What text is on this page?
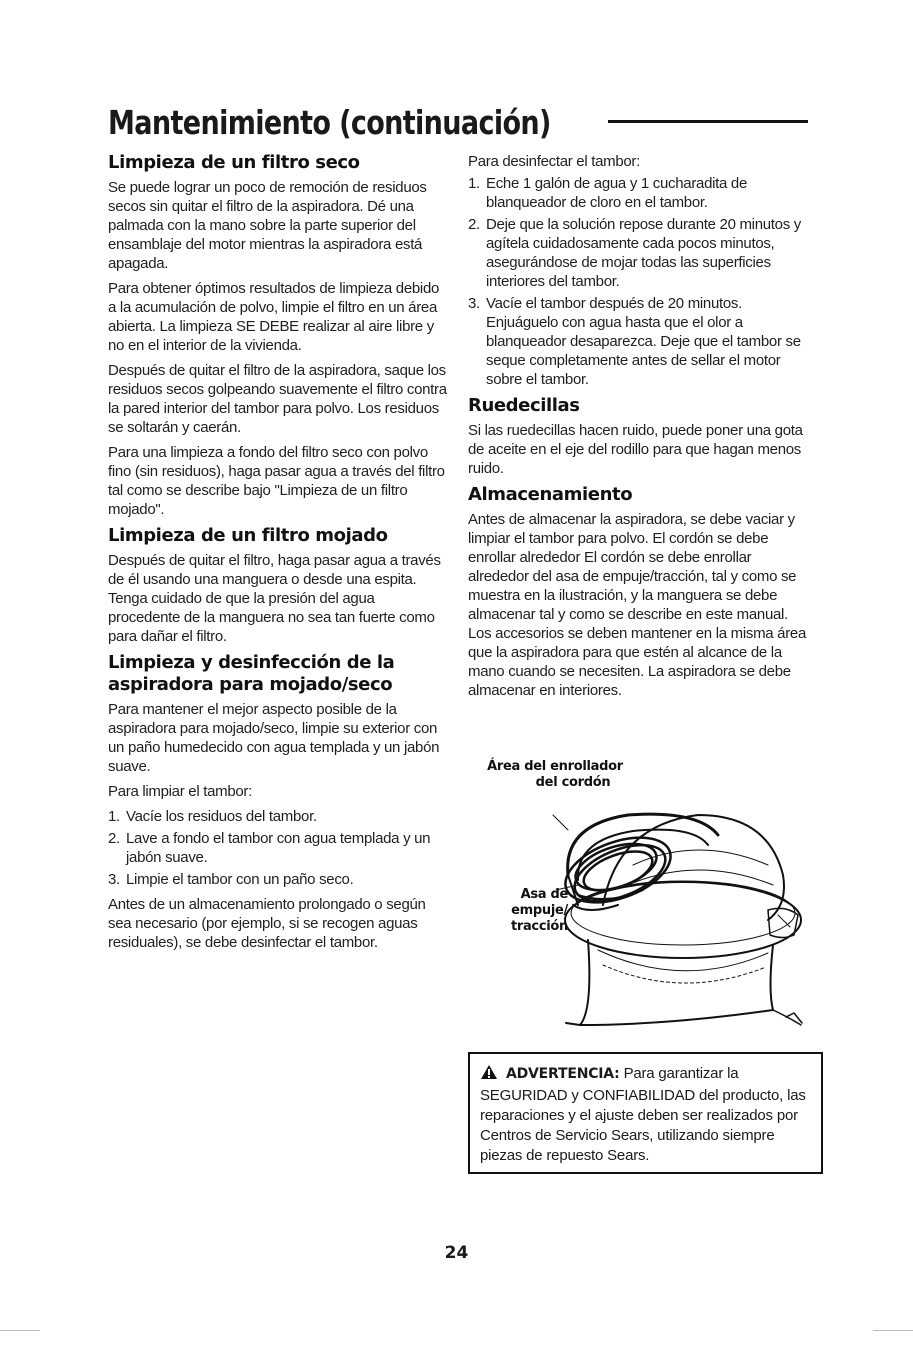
Mantenimiento (continuación)
Limpieza de un filtro seco

Se puede lograr un poco de remoción de residuos secos sin quitar el filtro de la aspiradora. Dé una palmada con la mano sobre la parte superior del ensamblaje del motor mientras la aspiradora está apagada.

Para obtener óptimos resultados de limpieza debido a la acumulación de polvo, limpie el filtro en un área abierta. La limpieza SE DEBE realizar al aire libre y no en el interior de la vivienda.

Después de quitar el filtro de la aspiradora, saque los residuos secos golpeando suavemente el filtro contra la pared interior del tambor para polvo. Los residuos se soltarán y caerán.

Para una limpieza a fondo del filtro seco con polvo fino (sin residuos), haga pasar agua a través del filtro tal como se describe bajo "Limpieza de un filtro mojado".

Limpieza de un filtro mojado

Después de quitar el filtro, haga pasar agua a través de él usando una manguera o desde una espita. Tenga cuidado de que la presión del agua procedente de la manguera no sea tan fuerte como para dañar el filtro.

Limpieza y desinfección de la aspiradora para mojado/seco

Para mantener el mejor aspecto posible de la aspiradora para mojado/seco, limpie su exterior con un paño humedecido con agua templada y un jabón suave.

Para limpiar el tambor:

1. Vacíe los residuos del tambor.
2. Lave a fondo el tambor con agua templada y un jabón suave.
3. Limpie el tambor con un paño seco.

Antes de un almacenamiento prolongado o según sea necesario (por ejemplo, si se recogen aguas residuales), se debe desinfectar el tambor.

Para desinfectar el tambor:

1. Eche 1 galón de agua y 1 cucharadita de blanqueador de cloro en el tambor.
2. Deje que la solución repose durante 20 minutos y agítela cuidadosamente cada pocos minutos, asegurándose de mojar todas las superficies interiores del tambor.
3. Vacíe el tambor después de 20 minutos. Enjuáguelo con agua hasta que el olor a blanqueador desaparezca. Deje que el tambor se seque completamente antes de sellar el motor sobre el tambor.
Ruedecillas

Si las ruedecillas hacen ruido, puede poner una gota de aceite en el eje del rodillo para que hagan menos ruido.

Almacenamiento

Antes de almacenar la aspiradora, se debe vaciar y limpiar el tambor para polvo. El cordón se debe enrollar alrededor El cordón se debe enrollar alrededor del asa de empuje/tracción, tal y como se muestra en la ilustración, y la manguera se debe almacenar tal y como se describe en este manual. Los accesorios se deben mantener en la misma área que la aspiradora para que estén al alcance de la mano cuando se necesiten. La aspiradora se debe almacenar en interiores.

Área del enrollador
del cordón
Asa de
empuje/
tracción
ADVERTENCIA: Para garantizar la
SEGURIDAD y CONFIABILIDAD del producto, las reparaciones y el ajuste deben ser realizados por Centros de Servicio Sears, utilizando siempre piezas de repuesto Sears.
24
